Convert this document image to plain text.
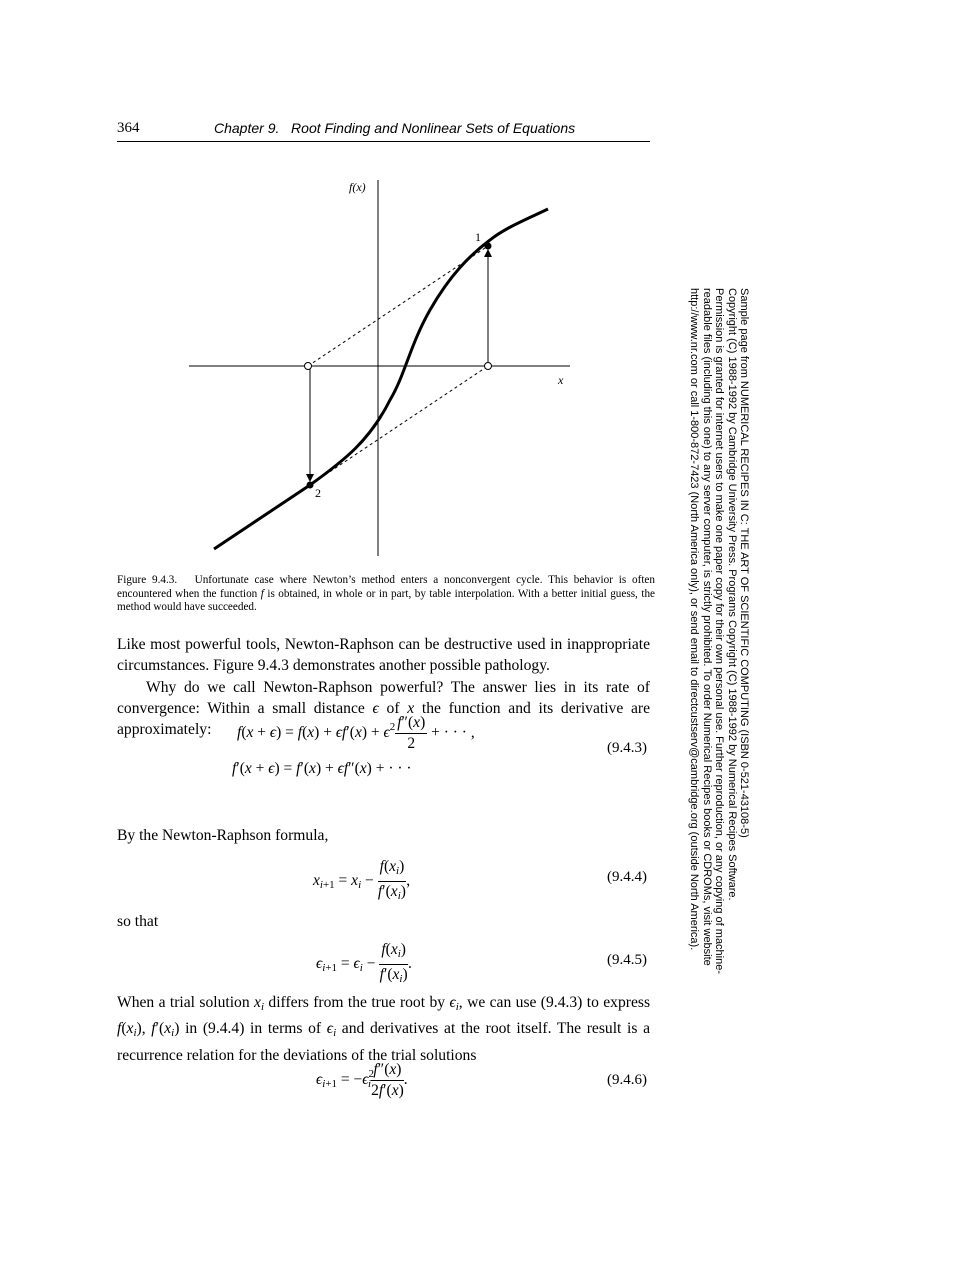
364	Chapter 9.   Root Finding and Nonlinear Sets of Equations
f(x)
x
1
2
Figure 9.4.3. Unfortunate case where Newton’s method enters a nonconvergent cycle. This behavior is often encountered when the function f is obtained, in whole or in part, by table interpolation. With a better initial guess, the method would have succeeded.

Like most powerful tools, Newton-Raphson can be destructive used in inappropriate circumstances. Figure 9.4.3 demonstrates another possible pathology.

Why do we call Newton-Raphson powerful? The answer lies in its rate of convergence: Within a small distance ϵ of x the function and its derivative are approximately:	$f(x + \epsilon) = f(x) + \epsilon f'(x) + \epsilon^2 \frac{f''(x)}{2}$ + · · · ,
f′(x + ϵ) = f′(x) + ϵf″(x) + · · ·
(9.4.3)
By the Newton-Raphson formula,
$x_{i+1} = x_i - \frac{f(x_i)}{f'(x_i)}$ ,	(9.4.4)
so that
$\epsilon_{i+1} = \epsilon_i - \frac{f(x_i)}{f'(x_i)}$ .	(9.4.5)
When a trial solution $x_i$ differs from the true root by $\epsilon_i$, we can use (9.4.3) to express $f(x_i)$, $f'(x_i)$ in (9.4.4) in terms of $\epsilon_i$ and derivatives at the root itself. The result is a recurrence relation for the deviations of the trial solutions
$\epsilon_{i+1} = -\epsilon^2_i \frac{f''(x)}{2f'(x)}$ .	(9.4.6)
Sample page from NUMERICAL RECIPES IN C: THE ART OF SCIENTIFIC COMPUTING (ISBN 0-521-43108-5)
Copyright (C) 1988-1992 by Cambridge University Press. Programs Copyright (C) 1988-1992 by Numerical Recipes Software.
Permission is granted for internet users to make one paper copy for their own personal use. Further reproduction, or any copying of machine-
readable files (including this one) to any server computer, is strictly prohibited. To order Numerical Recipes books or CDROMs, visit website
http://www.nr.com or call 1-800-872-7423 (North America only), or send email to directcustserv@cambridge.org (outside North America).
